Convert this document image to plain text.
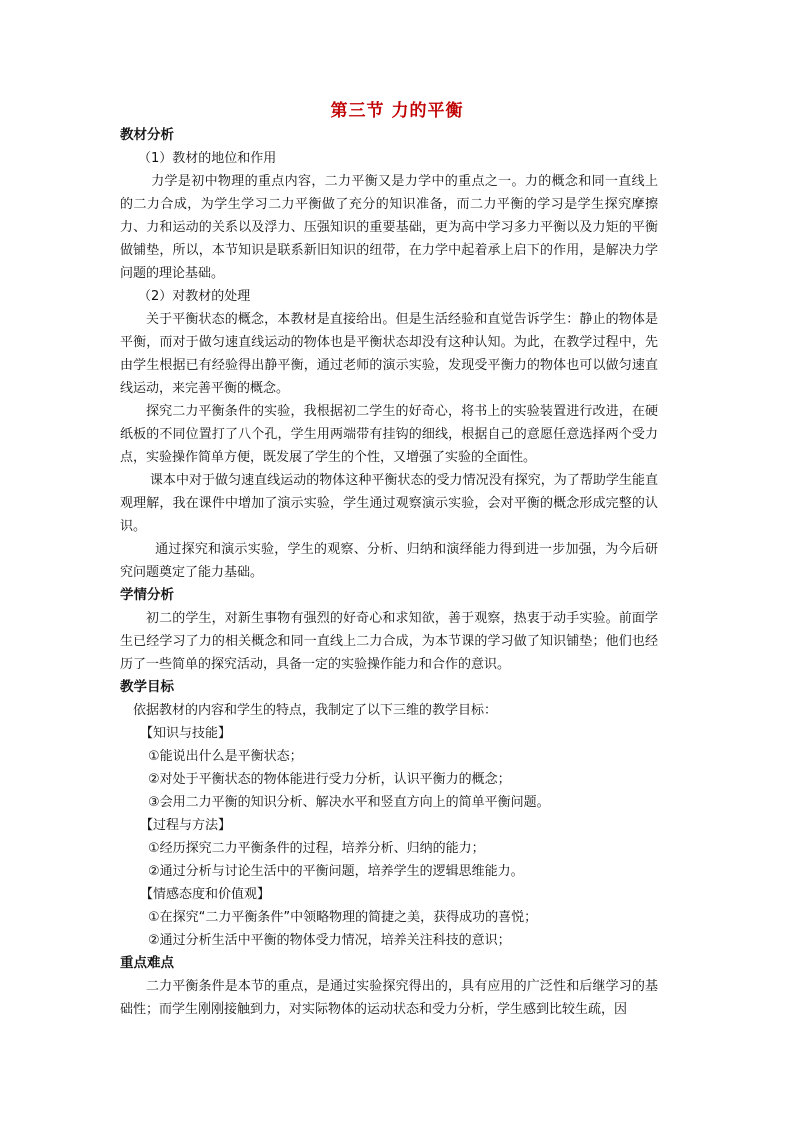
第三节 力的平衡

教材分析

（1）教材的地位和作用

力学是初中物理的重点内容，二力平衡又是力学中的重点之一。力的概念和同一直线上的二力合成，为学生学习二力平衡做了充分的知识准备，而二力平衡的学习是学生探究摩擦力、力和运动的关系以及浮力、压强知识的重要基础，更为高中学习多力平衡以及力矩的平衡做铺垫，所以，本节知识是联系新旧知识的纽带，在力学中起着承上启下的作用，是解决力学问题的理论基础。

（2）对教材的处理

关于平衡状态的概念，本教材是直接给出。但是生活经验和直觉告诉学生：静止的物体是平衡，而对于做匀速直线运动的物体也是平衡状态却没有这种认知。为此，在教学过程中，先由学生根据已有经验得出静平衡，通过老师的演示实验，发现受平衡力的物体也可以做匀速直线运动，来完善平衡的概念。

探究二力平衡条件的实验，我根据初二学生的好奇心，将书上的实验装置进行改进，在硬纸板的不同位置打了八个孔，学生用两端带有挂钩的细线，根据自己的意愿任意选择两个受力点，实验操作简单方便，既发展了学生的个性，又增强了实验的全面性。

课本中对于做匀速直线运动的物体这种平衡状态的受力情况没有探究，为了帮助学生能直观理解，我在课件中增加了演示实验，学生通过观察演示实验，会对平衡的概念形成完整的认识。

通过探究和演示实验，学生的观察、分析、归纳和演绎能力得到进一步加强，为今后研究问题奠定了能力基础。

学情分析

初二的学生，对新生事物有强烈的好奇心和求知欲，善于观察，热衷于动手实验。前面学生已经学习了力的相关概念和同一直线上二力合成，为本节课的学习做了知识铺垫；他们也经历了一些简单的探究活动，具备一定的实验操作能力和合作的意识。

教学目标

依据教材的内容和学生的特点，我制定了以下三维的教学目标：

【知识与技能】

①能说出什么是平衡状态；

②对处于平衡状态的物体能进行受力分析，认识平衡力的概念；

③会用二力平衡的知识分析、解决水平和竖直方向上的简单平衡问题。

【过程与方法】

①经历探究二力平衡条件的过程，培养分析、归纳的能力；

②通过分析与讨论生活中的平衡问题，培养学生的逻辑思维能力。

【情感态度和价值观】

①在探究“二力平衡条件”中领略物理的简捷之美，获得成功的喜悦；

②通过分析生活中平衡的物体受力情况，培养关注科技的意识；

重点难点

二力平衡条件是本节的重点，是通过实验探究得出的，具有应用的广泛性和后继学习的基础性；而学生刚刚接触到力，对实际物体的运动状态和受力分析，学生感到比较生疏，因
